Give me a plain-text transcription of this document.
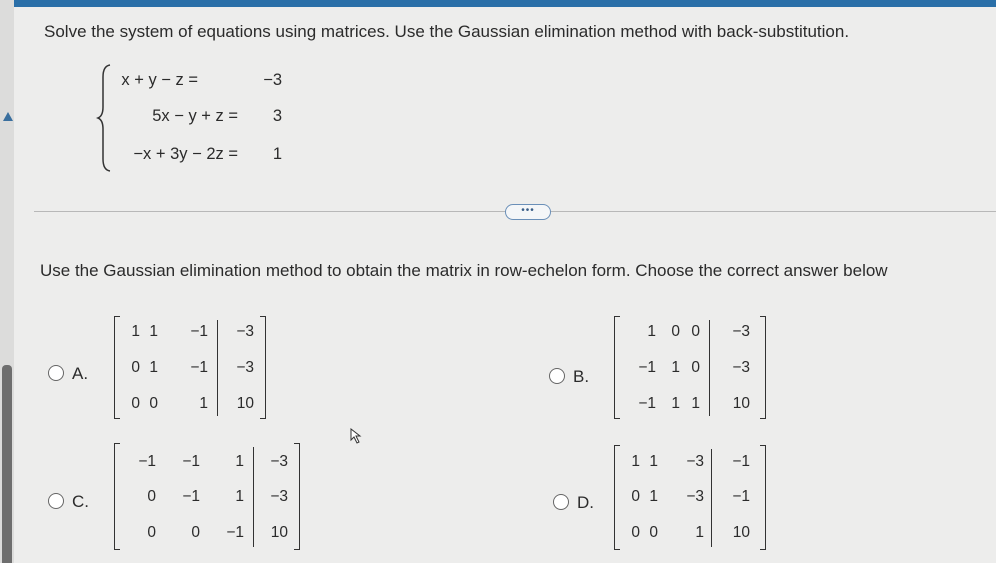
Solve the system of equations using matrices. Use the Gaussian elimination method with back-substitution.
x + y − z =	−3
5x − y + z = 3
−x + 3y − 2z = 1
•••
Use the Gaussian elimination method to obtain the matrix in row-echelon form. Choose the correct answer below
A.
1 1	−1	−3
0 1	−1	−3
0 0	1	10
B.
1 0 0	−3
−1 1 0	−3
−1 1 1	10
C.
−1	−1	1	−3
0	−1	1	−3
0	0	−1	10
D.
1 1	−3	−1
0 1	−3	−1
0 0	1	10
